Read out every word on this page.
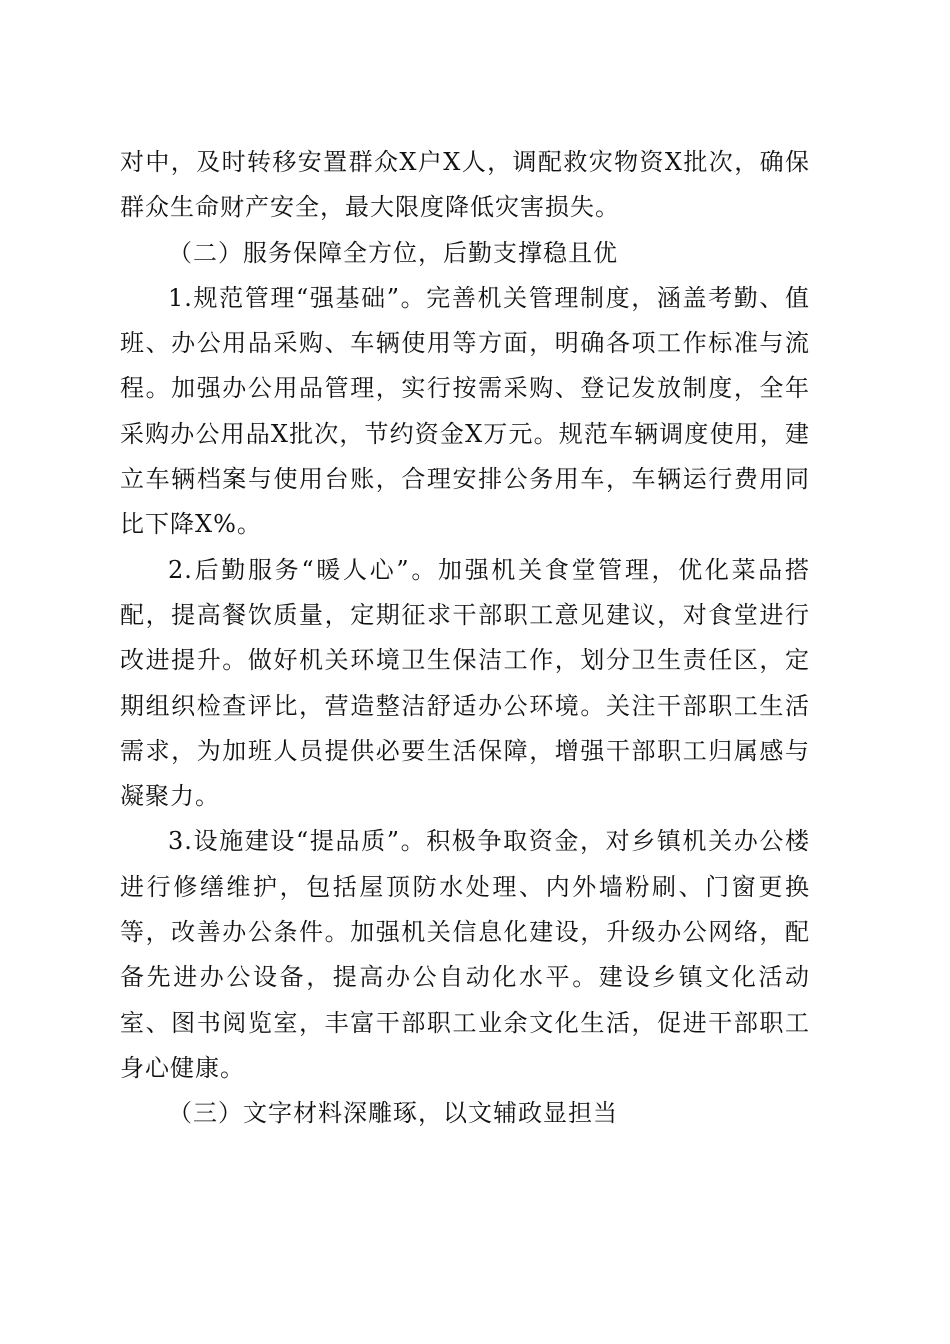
对中，及时转移安置群众X户X人，调配救灾物资X批次，确保群众生命财产安全，最大限度降低灾害损失。

（二）服务保障全方位，后勤支撑稳且优

1.规范管理“强基础”。完善机关管理制度，涵盖考勤、值班、办公用品采购、车辆使用等方面，明确各项工作标准与流程。加强办公用品管理，实行按需采购、登记发放制度，全年采购办公用品X批次，节约资金X万元。规范车辆调度使用，建立车辆档案与使用台账，合理安排公务用车，车辆运行费用同比下降X%。

2.后勤服务“暖人心”。加强机关食堂管理，优化菜品搭配，提高餐饮质量，定期征求干部职工意见建议，对食堂进行改进提升。做好机关环境卫生保洁工作，划分卫生责任区，定期组织检查评比，营造整洁舒适办公环境。关注干部职工生活需求，为加班人员提供必要生活保障，增强干部职工归属感与凝聚力。

3.设施建设“提品质”。积极争取资金，对乡镇机关办公楼进行修缮维护，包括屋顶防水处理、内外墙粉刷、门窗更换等，改善办公条件。加强机关信息化建设，升级办公网络，配备先进办公设备，提高办公自动化水平。建设乡镇文化活动室、图书阅览室，丰富干部职工业余文化生活，促进干部职工身心健康。

（三）文字材料深雕琢，以文辅政显担当
